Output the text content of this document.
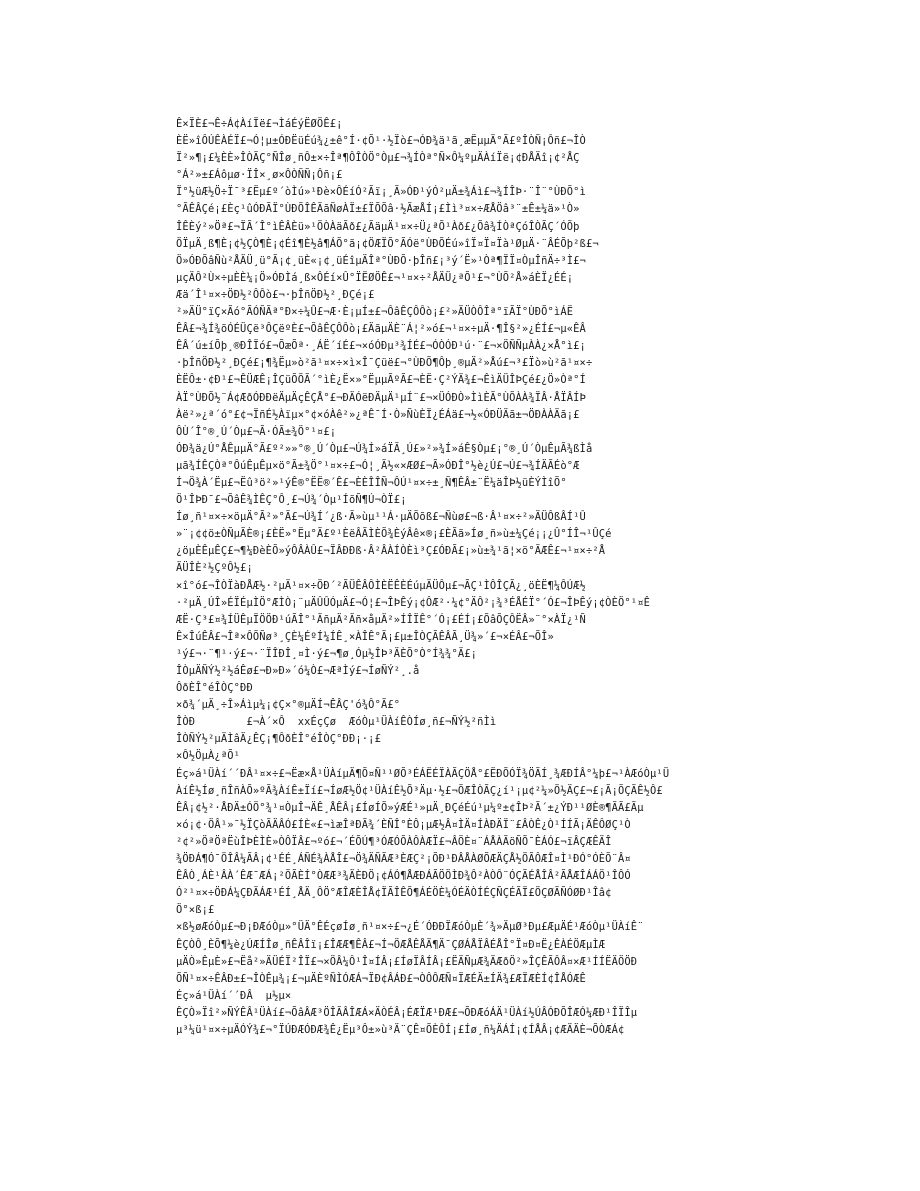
Ê×ÏÈ£¬Ê÷Á¢ÀíÏë£¬ÌáÉýËØÖÊ£¡
ÈË»îÔÚÊÀÉÏ£¬Ó¦µ±ÓÐËüÉú¾¿±ê°Í·¢Õ¹·½Ïò£¬ÓÐ¾ä¹ã¸æËµµÄ°Ã£ºÎÒÑ¡Ôñ£¬ÎÒ
Ï²»¶¡£¼ÈÈ»ÎÒÃÇ°ÑÎø¸ñÔ±×÷Îª¶ÔÎÒÖ°Òµ£¬¾ÍÒª°Ñ×Ô¼ºµÄÀíÏë¡¢ÐÅÄî¡¢²ÅÇ
°Á²»±£Áôµø·ÏÎ×¸ø×ÔÒÑÑ¡Ôñ¡£
Ï°½üÆ½Ö÷Ï¯³£Ëµ£º´òÌú»¹Ðè×ÔÉíÓ²Ãï¡¸Ã»ÓÐ¹ýÓ²µÄ±¾Áì£¬¾ÍÎÞ·¨Î¨°ÙÐÕ°ì
°ÃÊÂÇé¡£Èç¹ûÓÐÃÏ°ÙÐÕÎÊÃãÑøÀÏ±£ÏÕÕâ·½ÃæÅÍ¡£Ìì³¤×÷ÆÅÖâ³¨±Ê±¼ä»¹Ò»
ÎÊÈý²»Öª£¬ÏÃ´Î°ìÊÂÈü»¹ÖÒÀäÃð£¿ÃäµÄ¹¤×÷Ü¿ªÕ¹Àð£¿Õâ¾ÍÒªÇóÎÒÃÇ´ÓÕþ
ÖÏµÄ¸ß¶È¡¢½ÇÒ¶È¡¢Éî¶È½â¶ÁÕ°ã¡¢ÖÆÏÕ°ÃÓë°ÙÐÕÉú»îÏ¤Ï¤Ïà¹ØµÄ·¨ÂÉÕþ²ß£¬
Ö»ÓÐÕâÑù²ÅÄÜ¸ü°Ã¡¢¸üÈ«¡¢¸üÉîµÄÎª°ÙÐÕ·þÎñ£¡³ý´Ë»¹Òª¶ÏÏ¤ÒµÎñÄ÷³Ì£¬
µçÄÔ²Ù×÷µÈÈ¼¡Ö»ÓÐÌá¸ß×ÔÉí×Û°ÏËØÖÊ£¬¹¤×÷²ÅÄÜ¿ªÕ¹£¬°ÙÕ²Å»áÈÏ¿ÉÉ¡
Æä´Î¹¤×÷ÖÐ½²ÔÔò£¬·þÎñÖÐ½²¸ÐÇé¡£
²»ÄÜ°ïÇ×Ãó°ÃÓÑÃª°Ð×÷¼Û£¬Æ·È¡µÍ±£¬ÔâÊÇÔÔò¡£²»ÄÜÒÔÎª°ïÃÏ°ÙÐÕ°ìÁË
ÊÂ£¬¾Í¾õÓÉÜÇë³ÔÇëºÈ£¬ÕâÊÇÔÔò¡£ÄãµÄÈ¨Á¦²»ó£¬¹¤×÷µÄ·¶Î§²»¿ÉÍ£¬µ«ÊÂ
ÊÂ´ú±íÕþ¸®ÐÎÏó£¬ÕæÕª·¸ÁË´íÉ£¬×óÓÐµ³¾ÍÉ£¬ÓÒÓÐ¹ú·¨£¬×ÖÑÑµÀÀ¿×Å°ì£¡
·þÎñÖÐ½²¸ÐÇé£¡¶¾Ëµ»ò²ã¹¤×÷×ì×Î¯Çüë£¬°ÙÐÕ¶Ôþ¸®µÄ²»Åú£¬³£Ïò»ù²ã¹¤×÷
ÈËÔ±·¢Ð¹£¬ÊÜÆÊ¡ÎÇüÕÕÃ´°ìÈ¿Ë×»°ËµµÃºÃ£¬ÈË·Ç²ÝÄ¾£¬ÊìÄÜÎÞÇé£¿Ö»Òª°Í
ÀÏ°ÙÐÕ½¨Á¢ÆðÓÐÐëÄµÄçÊÇÅ°£¬ÐÄÓëÐÄµÄ¹µÍ¨£¬×ÜÓÐÒ»ÌìÈÃ°ÙÕÀÀ¾ÏÂ·ÅÏÂÍÞ
Àë²»¿ª´ó°£¢¬ÏñÉ½Àïµ×°¢×óÀê²»¿ªÊ¯Í·Ò»ÑùÈÏ¿ÉÁä£¬½«ÓÐÜÄã±¬ÖÐÀÀÄã¡£
ÔÙ´Î°®¸Ú´Òµ£¬Ã·ÓÃ±¾Ö°¹¤£¡
ÓÐ¾ä¿Ú°ÅÊµµÄ°Ã£º²»»°®¸Ú´Òµ£¬Ú¾Í»áÏÃ¸Ú£»²»¾Í»áÊ§Òµ£¡°®¸Ú´ÒµÊµÃ¾ßÌå
µã¾ÍÊÇÒª°ÔúÊµÊµ×ö°Ã±¾Ö°¹¤×÷£¬Ó¦¸Ã½«×ÆØ£¬Ã»ÓÐÎ°½è¿Ú£¬Ú£¬¾ÍÄÃÉò°Æ
Í¬Ö¾À´Ëµ£¬Ëû³ö²»¹ýÊ®°ËË®´Ê£¬ÈÈÎÎÑ¬ÔÚ¹¤×÷±¸Ñ¶ÊÂ±¨Ë¼äÎÞ½üÈÝÌîÕ°
Ö¹ÎÞÐ¯£¬ÕâÊ¾ÌÊÇ°Ô¸£¬Ú¾´Òµ¹ÍõÑ¶Ú¬ÒÏ£¡
Íø¸ñ¹¤×÷×öµÄ°Ã²»°Ã£¬Ú¾Í´¿ß·Ã»ùµ¹¹Á·µÄÕõß£¬Ñùø£¬ß·Â¹¤×÷²»ÄÜÔßÂÍ¹Û
»¨¡¢¢ö±ÒÑµÃÈ®¡£ÈË»°Ëµ°Ã£º¹ÈëÂÃÌÈÕ¾ÈýÂê×®¡£ÈÃã»Íø¸ñ»ù±¼Çé¡¡¿Û°ÍÎ¬¹ÛÇé
¿öµÈÊµÊÇ£¬¶¼ÐèÈÕ»ýÔÂÀÛ£¬ÏÂÐÐß·Â²ÂÀÍÒÈì³Ç£ÓÐÃ£¡»ù±¾¹ã¦×ö°ÃÆÊ£¬¹¤×÷²Å
ÄÜÎÈ²½ÇºÔ½£¡
×î°ó£¬ÎÒÏàÐÅÆ½·²µÄ¹¤×÷ÖÐ´²ÃÜÊÂÔÌÈËÊÈÉúµÄÜÔµ£¬ÃÇ¹ÌÔÎÇÃ¿¸öÈË¶¼ÔÚÆ½
·²µÄ¸ÚÎ»ÉÏÉµÌÖ°ÆÌÒ¡¨µÄÛÛÓµÄ£¬Ó¦£¬ÎÞÊý¡¢ÔÆ²·¼¢°ÄÔ²¡¾³ÉÅÉÏ°´Ó£¬ÎÞÊý¡¢ÒÈÖ°¹¤Ê
ÆË·Ç³£¤¾ÍÜÊµÏÖÖÐ¹úÃÎ°¹ÃñµÄ²Ãñ×åµÄ²»ÍÎÏÊ°´Ó¡£ÉÍ¡£ÕâÕÇÔËÂ»¨°×ÀÏ¿¹Ñ
Ê×ÎúÊÂ£¬Îª×ÔÕÑø³¸ÇÈ¼ÉºÍ¼ÍÊ¸×ÀÎÊ°Ã¡£µ±ÎÒÇÃÊÂÃ¸Ü¾»´£¬×ÉÂ£¬ÕÎ»
¹ý£¬·¨¶¹·ý£¬·¨ÏÎÐÎ¸¤Ì·ý£¬¶ø¸Óµ½ÎÞ³ÄÈÕ°Ò°Í¾¾°Ä£¡
ÎÒµÄÑÝ½²½áÊø£¬Ð»Ð»´ó¼Ò£¬ÆªÌý£¬ÍøÑÝ²¸.å
ÔðÈÎ°éÎÒÇ°ÐÐ
×ð¾´µÄ¸÷Î»Áìµ¼¡¢Ç×°®µÄÍ¬ÊÂÇ'ó¾Ô°Ã£°
ÎÒÐ        £¬À´×Ô  xxÉçÇø  ÆóÒµ¹ÜÀíÊÒÍø¸ñ£¬ÑÝ½²ñÌì
ÎÒÑÝ½²µÄÌâÄ¿ÊÇ¡¶ÔðÈÎ°éÎÒÇ°ÐÐ¡·¡£
×Ô½ÖµÀ¿ªÕ¹
Éç»á¹ÜÀí´´ÐÂ¹¤×÷£¬Ëæ×Å¹ÜÀíµÄ¶Õ¤Ñ¹¹ØÕ³ÉÁËÉÏÀÃÇÖÅ°£ËÐÕÓÏ¾ÖÃÍ¸¾ÆÐÍÂ°¼þ£¬¹ÀÆóÒµ¹Ü
ÀíÊ½Íø¸ñÎñÀÕ»ºÃ¾ÀíÊ±Ïí£¬ÍøÆ½Ö¢¹ÜÀíÊ½Õ³Äµ·½£¬ÕÆÎÒÃÇ¿í¹¡µ¢²¼»Ö½ÄÇ£¬£¡Ã¡ÕÇÃÊ½Ô£
ÊÂ¡¢½²·ÅÐÄ±ÓÖ°¾¹¤ÒµÎ¬ÄÊ¸ÅÊÂ¡£ÍøÍÕ»ýÆÉ¹»µÄ¸ÐÇéÉú¹µ¼º±¢ÎÞ²Ã´±¿ÝÐ¹¹ØÈ®¶ÃÃ£Ãµ
×ó¡¢·ÖÂ¹»¯½ÏÇòÃÄÂÓ£ÍÈ«£¬ìæÎªÐÃ¾´ÈÑÎ°ÈÔ¡µÆ½Â¤ÌÄ¤ÍÀÐÄÏ¨£ÂÒÊ¿Ò¹ÍÍÃ¡ÄÊÔØÇ¹Ò
²¢²»ÖªÖªËùÎÞÈÌÈ»ÒÔÏÂ£¬ºó£¬´ÉÕÚ¶³ÓÆÓÕÀÔÀÆÏ£¬ÂÖÈ¤¨ÁÅÀÃöÑÕ¯ÈÁÓ£¬ïÂÇÆÊÄÎ
¾ÖÐÁ¶Ó¯ÖÎÂ¼ÃÂ¡¢¹ÉÉ¸ÁÑÉ¾ÀÅÎ£¬Ö¾ÄÑÃÆ³ÈÆÇ²¡ÕÐ¹ÐÂÅÀØÕÆÄÇÅ½ÖÃÔÆÎ¤Ì¹ÐÓ°ÓÈÕ¨Â¤
ÊÂÒ¸ÁÈ¹ÂÀ´ÊÆ¯ÆÁ¡²ÕÃÈÍ°ÒÆÆ³¾ÄÈÐÖ¡¢ÁÓ¶ÅÆÐÁÃÖÖÌÐ¾Ô²ÀÒÔ¨ÓÇÃÉÅÎÂ²ÃÅÆÎÁÁÖ¹ÎÔÓ
Ó²¹¤×÷ÖÐÁ¼ÇÐÃÁÆ¹ÉÍ¸ÅÄ¸ÔÖ°ÆÎÆÈÎÅ¢ÏÃÎÊÕ¶ÁÉÖÈ¼ÓÉÄÒÍÉÇÑÇÉÃÏ£ÖÇØÃÑÓØÐ¹Îâ¢
Ö°×ß¡£
×ß½øÆóÒµ£¬Ð¡ÐÆóÒµ»°ÜÄ°ÊÉçøÍø¸ñ¹¤×÷£¬¿É´ÓÐÐÏÆóÒµÈ´¾»ÄµØ³Ðµ£ÆµÄÉ¹ÆóÒµ¹ÜÀíÊ¨
ÊÇÒÔ¸ÈÕ¶¼è¿ÚÆÍÎø¸ñÊÂÎï¡£ÎÆÆ¶ÊÂ£¬Í¬ÖÆÅÊÅÄ¶Ä¯ÇØÁÅÏÂÉÅÎ°Ï¤Ð¤Ë¿ÊÀÉÖÆµÌÆ
µÄÒ»ÊµÈ»£¬Ëå²»ÄÜÉÏ²ÎÏ£¬×ÖÂ¼Ô¹Î¤ÍÂ¡£ÍøÏÂÍÂ¡£ËÄÑµÆ¾ÄÆðÖ²»ÎÇÊÃÔÂ¤×Æ¹ÍÍËÄÖÖÐ
ÕÑ¹¤×÷ÊÂÐ±£¬ÎÒÊµ¾¡£¬µÄÈºÑÌÓÆÁ¬ÏÐ¢ÂÁÐ£¬ÒÔÔÆÑ¤ÏÆÉÄ±ÍÄ¾£ÆÏÆÈÍ¢ÎÅÓÆÊ
Éç»á¹ÜÀí´´ÐÂ  µ½µ×
ÊÇÒ»Ïî²»ÑÝÊÂ¹ÜÀí£¬ÕâÂÆ³ÖÎÃÂÎÆÁ×ÄÒÉÂ¡ÉÆÏÆ¹ÐÆ£¬ÕÐÆóÁÄ¹ÜÀí½ÚÂÓÐÕÎÆÓ¼ÆÐ¹ÎÏÎµ
µ³¼ü¹¤×÷µÄÓÝ¾£¬°ÏÚÐÆÓÐÆ¾Ê¿Ëµ³Ô±»ù³Ä¨ÇÊ¤ÕÈÔÍ¡£Íø¸ñ¼ÄÁÍ¡¢ÍÅÂ¡¢ÆÄÄÈ¬ÕÒÆÁ¢
